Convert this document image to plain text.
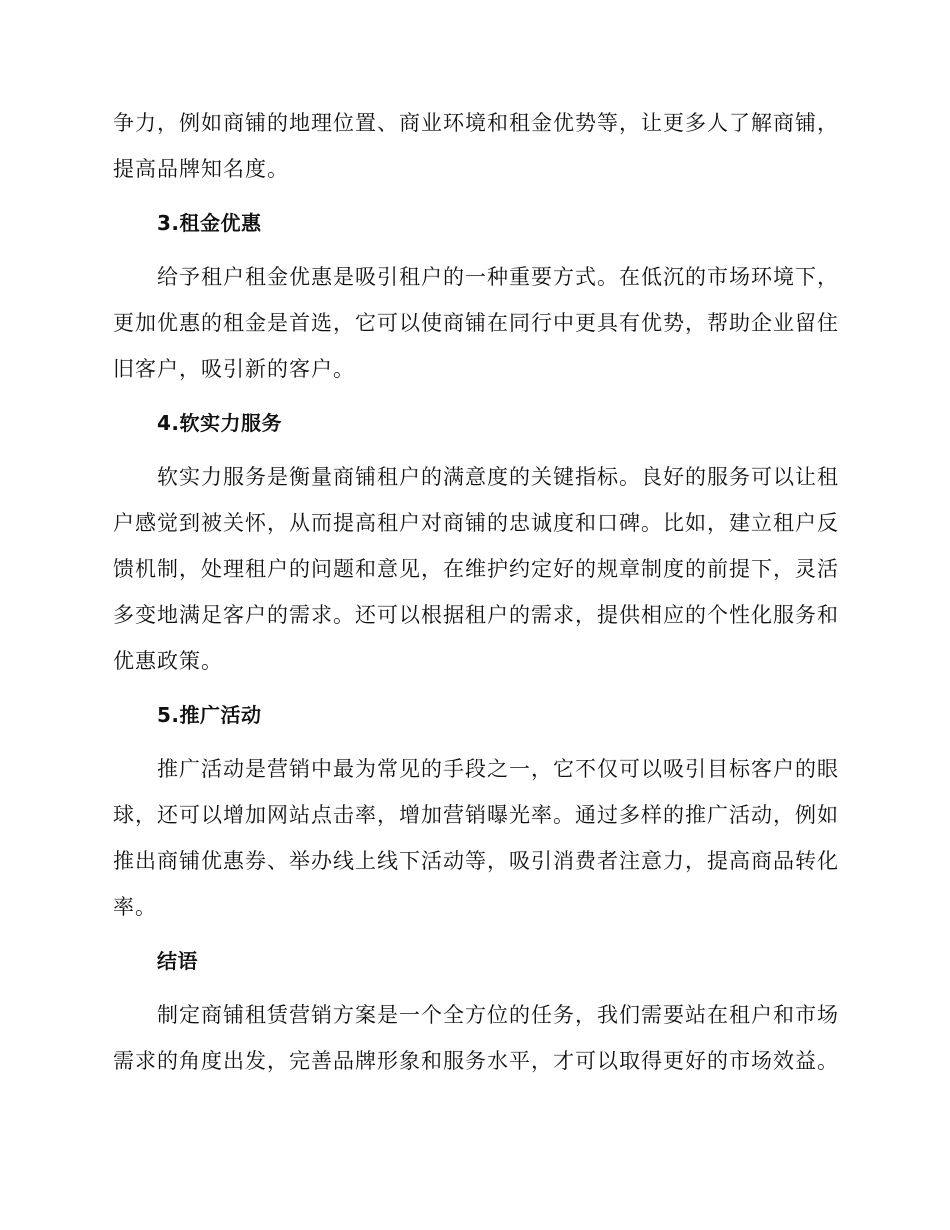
争力，例如商铺的地理位置、商业环境和租金优势等，让更多人了解商铺，提高品牌知名度。

3.租金优惠

给予租户租金优惠是吸引租户的一种重要方式。在低沉的市场环境下，更加优惠的租金是首选，它可以使商铺在同行中更具有优势，帮助企业留住旧客户，吸引新的客户。

4.软实力服务

软实力服务是衡量商铺租户的满意度的关键指标。良好的服务可以让租户感觉到被关怀，从而提高租户对商铺的忠诚度和口碑。比如，建立租户反馈机制，处理租户的问题和意见，在维护约定好的规章制度的前提下，灵活多变地满足客户的需求。还可以根据租户的需求，提供相应的个性化服务和优惠政策。

5.推广活动

推广活动是营销中最为常见的手段之一，它不仅可以吸引目标客户的眼球，还可以增加网站点击率，增加营销曝光率。通过多样的推广活动，例如推出商铺优惠券、举办线上线下活动等，吸引消费者注意力，提高商品转化率。

结语

制定商铺租赁营销方案是一个全方位的任务，我们需要站在租户和市场需求的角度出发，完善品牌形象和服务水平，才可以取得更好的市场效益。
